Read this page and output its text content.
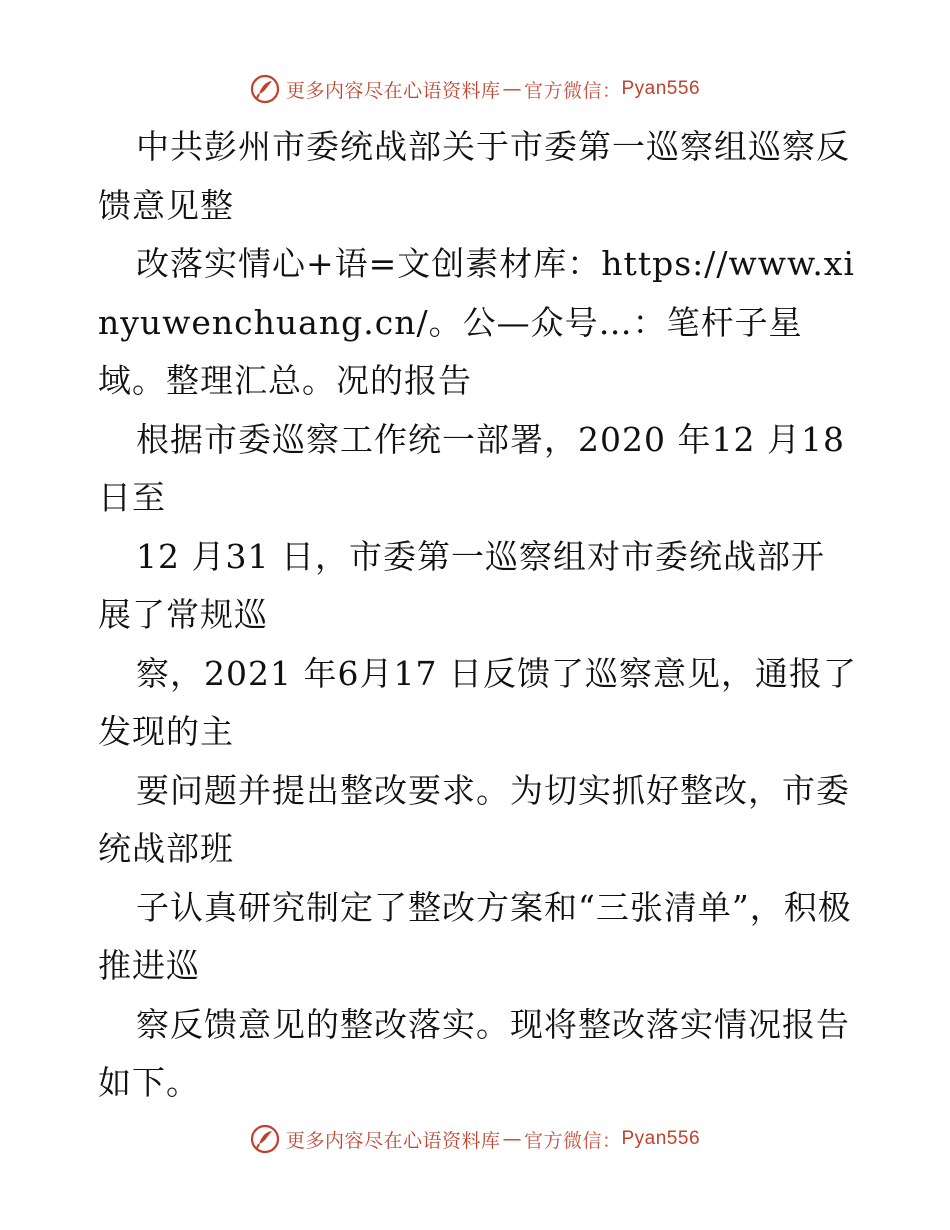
更多内容尽在心语资料库 — 官方微信： Pyan556

中共彭州市委统战部关于市委第一巡察组巡察反馈意见整

改落实情心+语=文创素材库：https://www.xinyuwenchuang.cn/。公—众号…：笔杆子星域。整理汇总。况的报告

根据市委巡察工作统一部署，2020 年12 月18 日至

12 月31 日，市委第一巡察组对市委统战部开展了常规巡

察，2021 年6月17 日反馈了巡察意见，通报了发现的主

要问题并提出整改要求。为切实抓好整改，市委统战部班

子认真研究制定了整改方案和“三张清单”，积极推进巡

察反馈意见的整改落实。现将整改落实情况报告如下。

更多内容尽在心语资料库 — 官方微信： Pyan556
